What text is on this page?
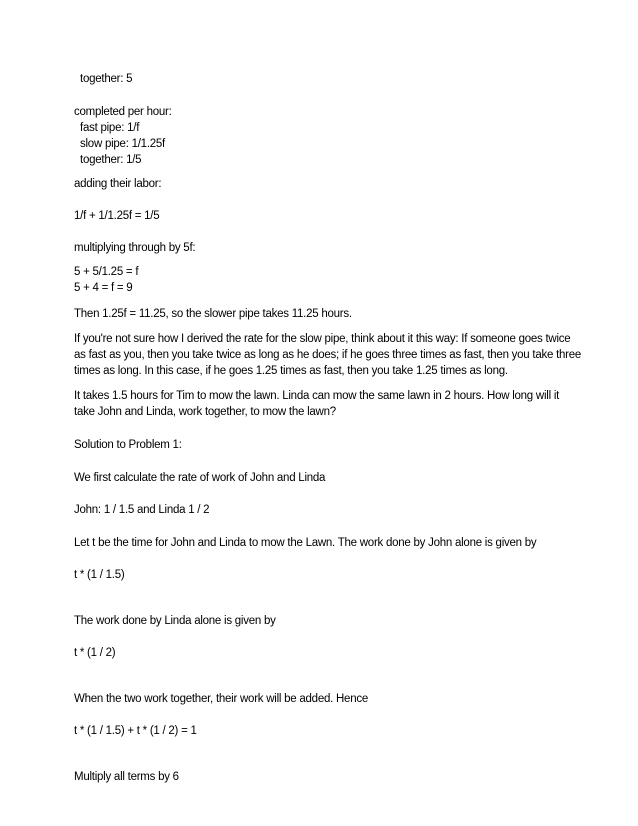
together: 5
completed per hour:
fast pipe: 1/f
slow pipe: 1/1.25f
together: 1/5
adding their labor:
1/f + 1/1.25f = 1/5
multiplying through by 5f:
5 + 5/1.25 = f
5 + 4 = f = 9
Then 1.25f = 11.25, so the slower pipe takes 11.25 hours.
If you're not sure how I derived the rate for the slow pipe, think about it this way: If someone goes twice
as fast as you, then you take twice as long as he does; if he goes three times as fast, then you take three
times as long. In this case, if he goes 1.25 times as fast, then you take 1.25 times as long.
It takes 1.5 hours for Tim to mow the lawn. Linda can mow the same lawn in 2 hours. How long will it
take John and Linda, work together, to mow the lawn?
Solution to Problem 1:
We first calculate the rate of work of John and Linda
John: 1 / 1.5 and Linda 1 / 2
Let t be the time for John and Linda to mow the Lawn. The work done by John alone is given by
t * (1 / 1.5)
The work done by Linda alone is given by
t * (1 / 2)
When the two work together, their work will be added. Hence
t * (1 / 1.5) + t * (1 / 2) = 1
Multiply all terms by 6
